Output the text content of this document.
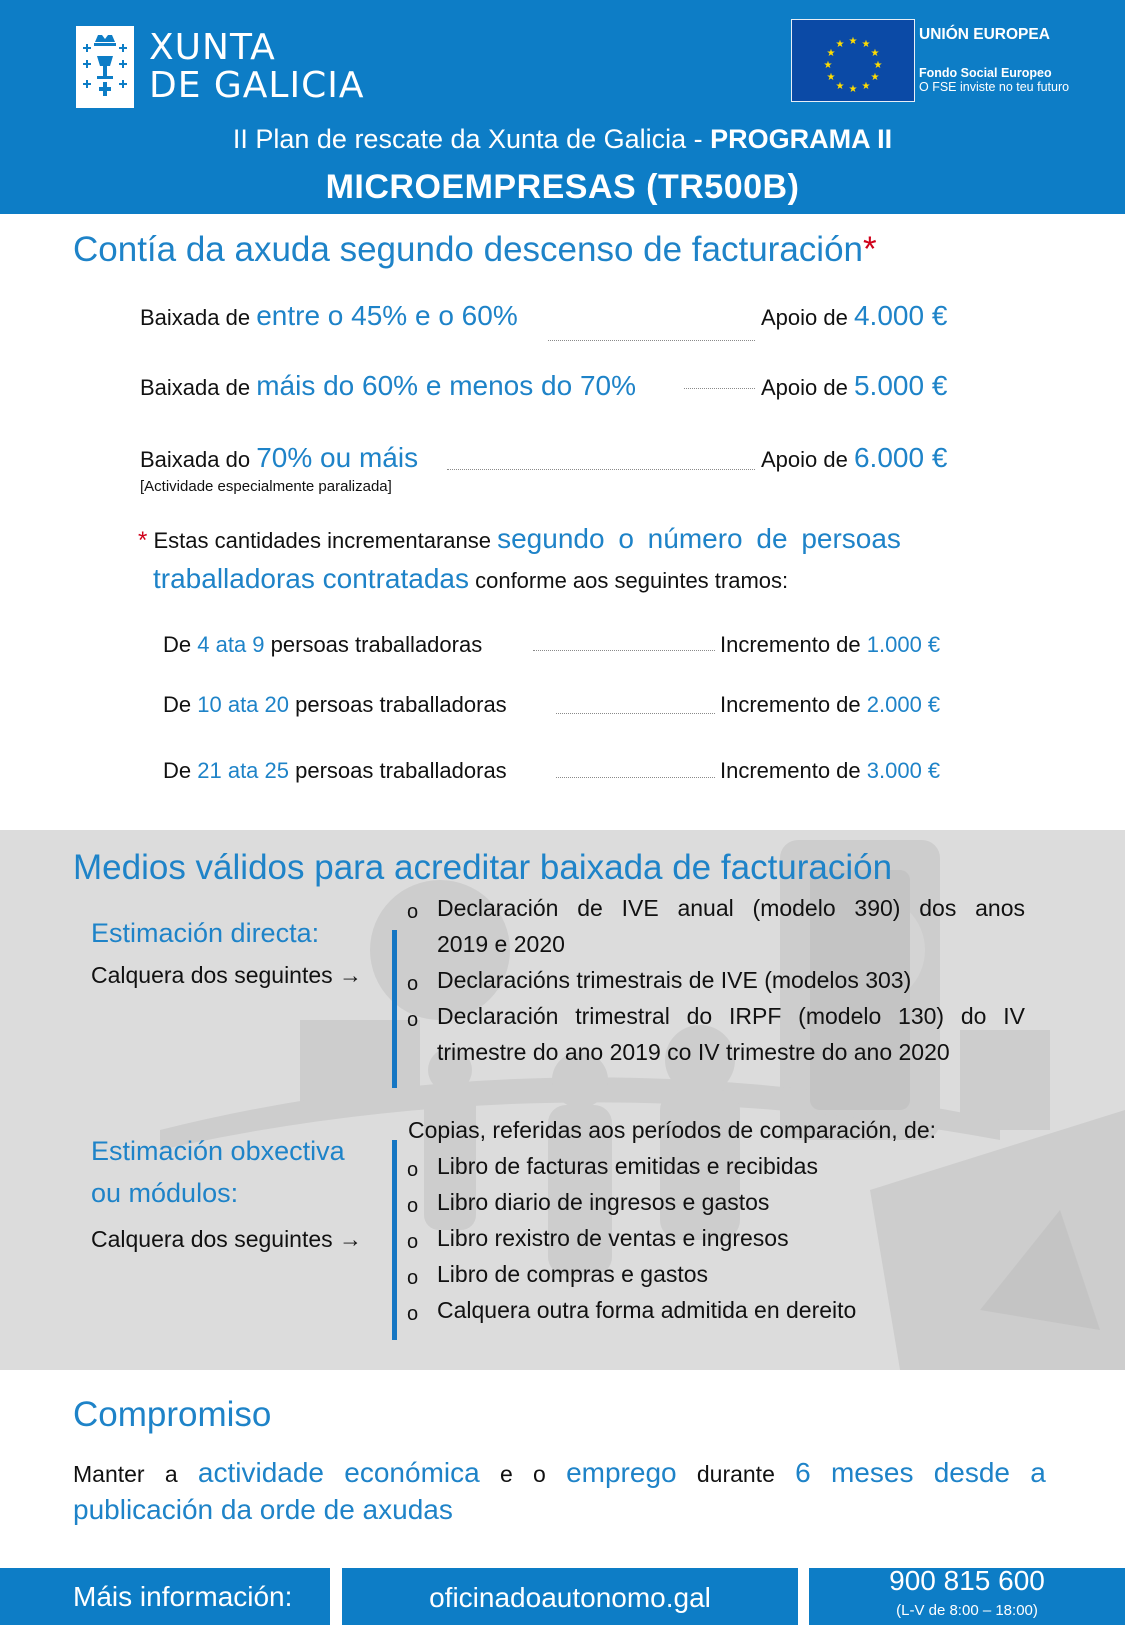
XUNTA
DE GALICIA
★ ★
★
★
★
★
★
★
★
★
★
★
UNIÓN EUROPEA
Fondo Social Europeo
O FSE inviste no teu futuro
II Plan de rescate da Xunta de Galicia - PROGRAMA II
MICROEMPRESAS (TR500B)
Contía da axuda segundo descenso de facturación*
Baixada de entre o 45% e o 60%	Apoio de 4.000 €
Baixada de máis do 60% e menos do 70%	Apoio de 5.000 €
Baixada do 70% ou máis	Apoio de 6.000 €
[Actividade especialmente paralizada]
* Estas cantidades incrementaranse segundo o número de persoas
traballadoras contratadas conforme aos seguintes tramos:
De 4 ata 9 persoas traballadoras	Incremento de 1.000 €
De 10 ata 20 persoas traballadoras	Incremento de 2.000 €
De 21 ata 25 persoas traballadoras	Incremento de 3.000 €
Medios válidos para acreditar baixada de facturación
Estimación directa:
Calquera dos seguintes →
o Declaración de IVE anual (modelo 390) dos anos
2019 e 2020
o Declaracións trimestrais de IVE (modelos 303)
o Declaración trimestral do IRPF (modelo 130) do IV
trimestre do ano 2019 co IV trimestre do ano 2020
Estimación obxectiva
ou módulos:
Calquera dos seguintes →
Copias, referidas aos períodos de comparación, de:
o Libro de facturas emitidas e recibidas
o Libro diario de ingresos e gastos
o Libro rexistro de ventas e ingresos
o Libro de compras e gastos
o Calquera outra forma admitida en dereito
Compromiso
Manter a actividade económica e o emprego durante 6 meses desde a
publicación da orde de axudas
Máis información:	oficinadoautonomo.gal
900 815 600
(L-V de 8:00 – 18:00)
